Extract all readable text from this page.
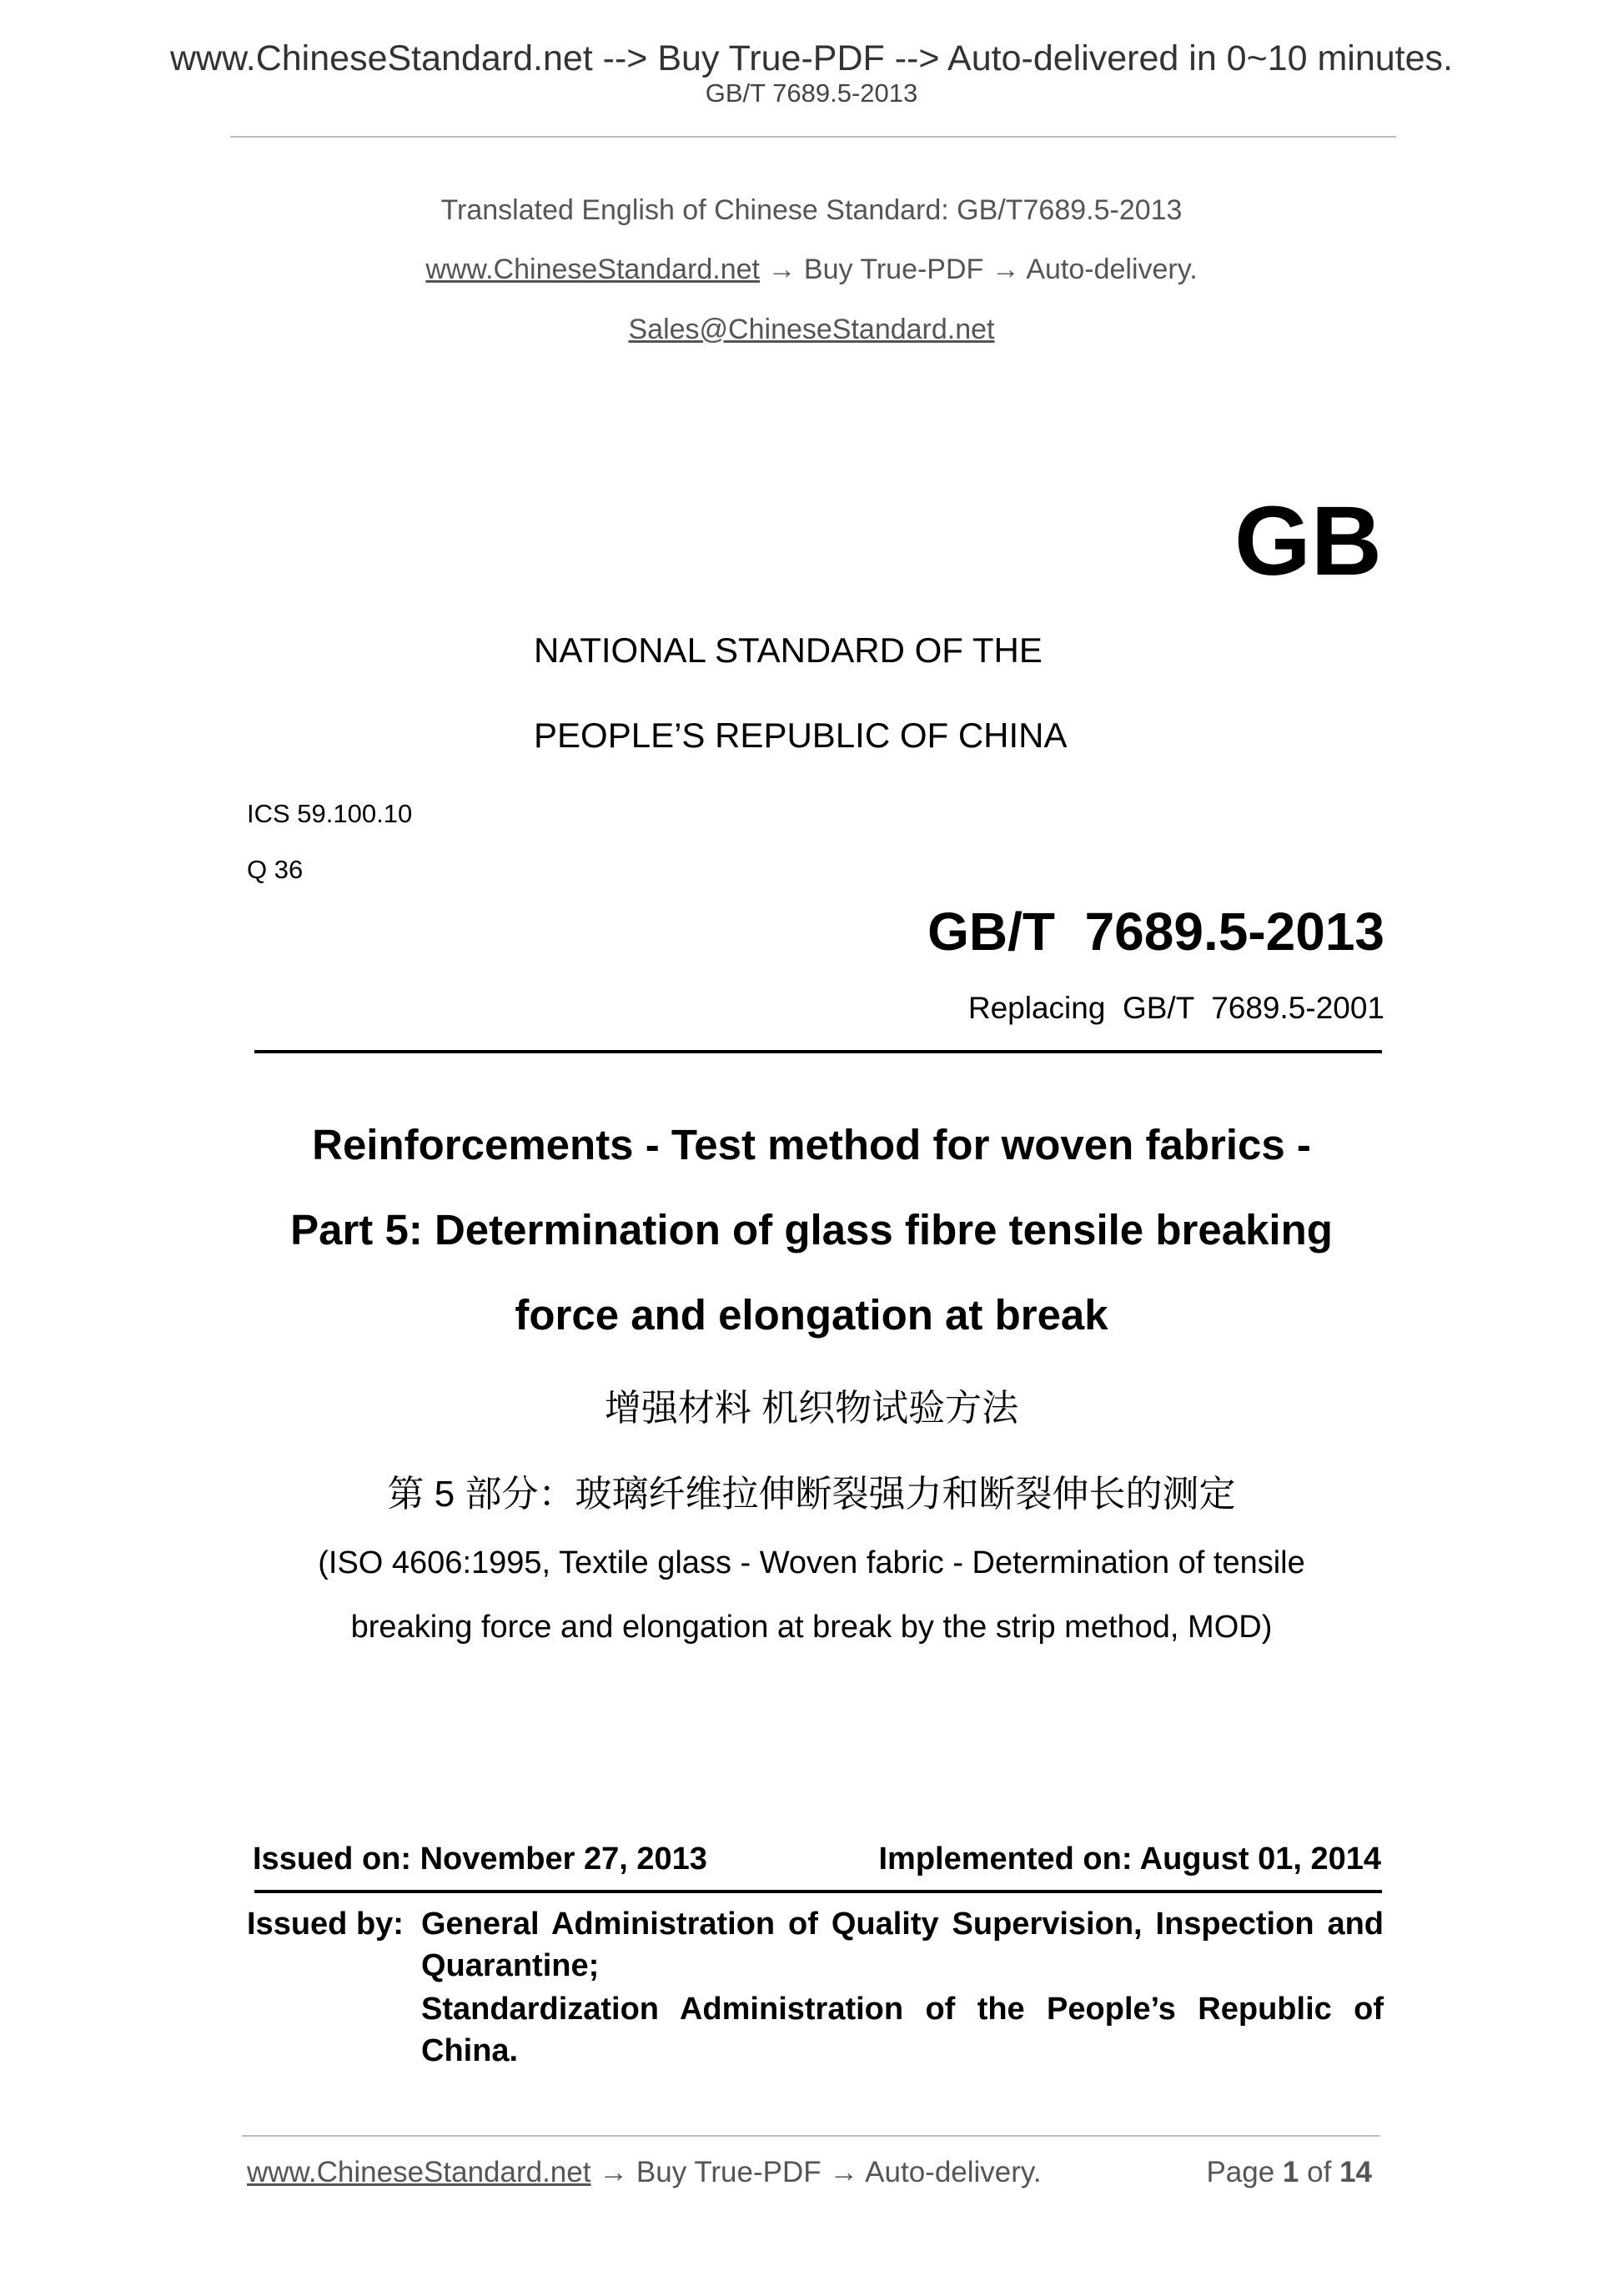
www.ChineseStandard.net --> Buy True-PDF --> Auto-delivered in 0~10 minutes.
GB/T 7689.5-2013
Translated English of Chinese Standard: GB/T7689.5-2013
www.ChineseStandard.net → Buy True-PDF → Auto-delivery.
Sales@ChineseStandard.net
GB
NATIONAL STANDARD OF THE
PEOPLE’S REPUBLIC OF CHINA
ICS 59.100.10
Q 36
GB/T  7689.5-2013
Replacing  GB/T  7689.5-2001
Reinforcements - Test method for woven fabrics -
Part 5: Determination of glass fibre tensile breaking
force and elongation at break
增强材料 机织物试验方法
第 5 部分：玻璃纤维拉伸断裂强力和断裂伸长的测定
(ISO 4606:1995, Textile glass - Woven fabric - Determination of tensile
breaking force and elongation at break by the strip method, MOD)
Issued on: November 27, 2013	Implemented on: August 01, 2014
Issued by: General Administration of Quality Supervision, Inspection and
Quarantine;
Standardization Administration of the People’s Republic of
China.
www.ChineseStandard.net → Buy True-PDF → Auto-delivery.	Page 1 of 14
